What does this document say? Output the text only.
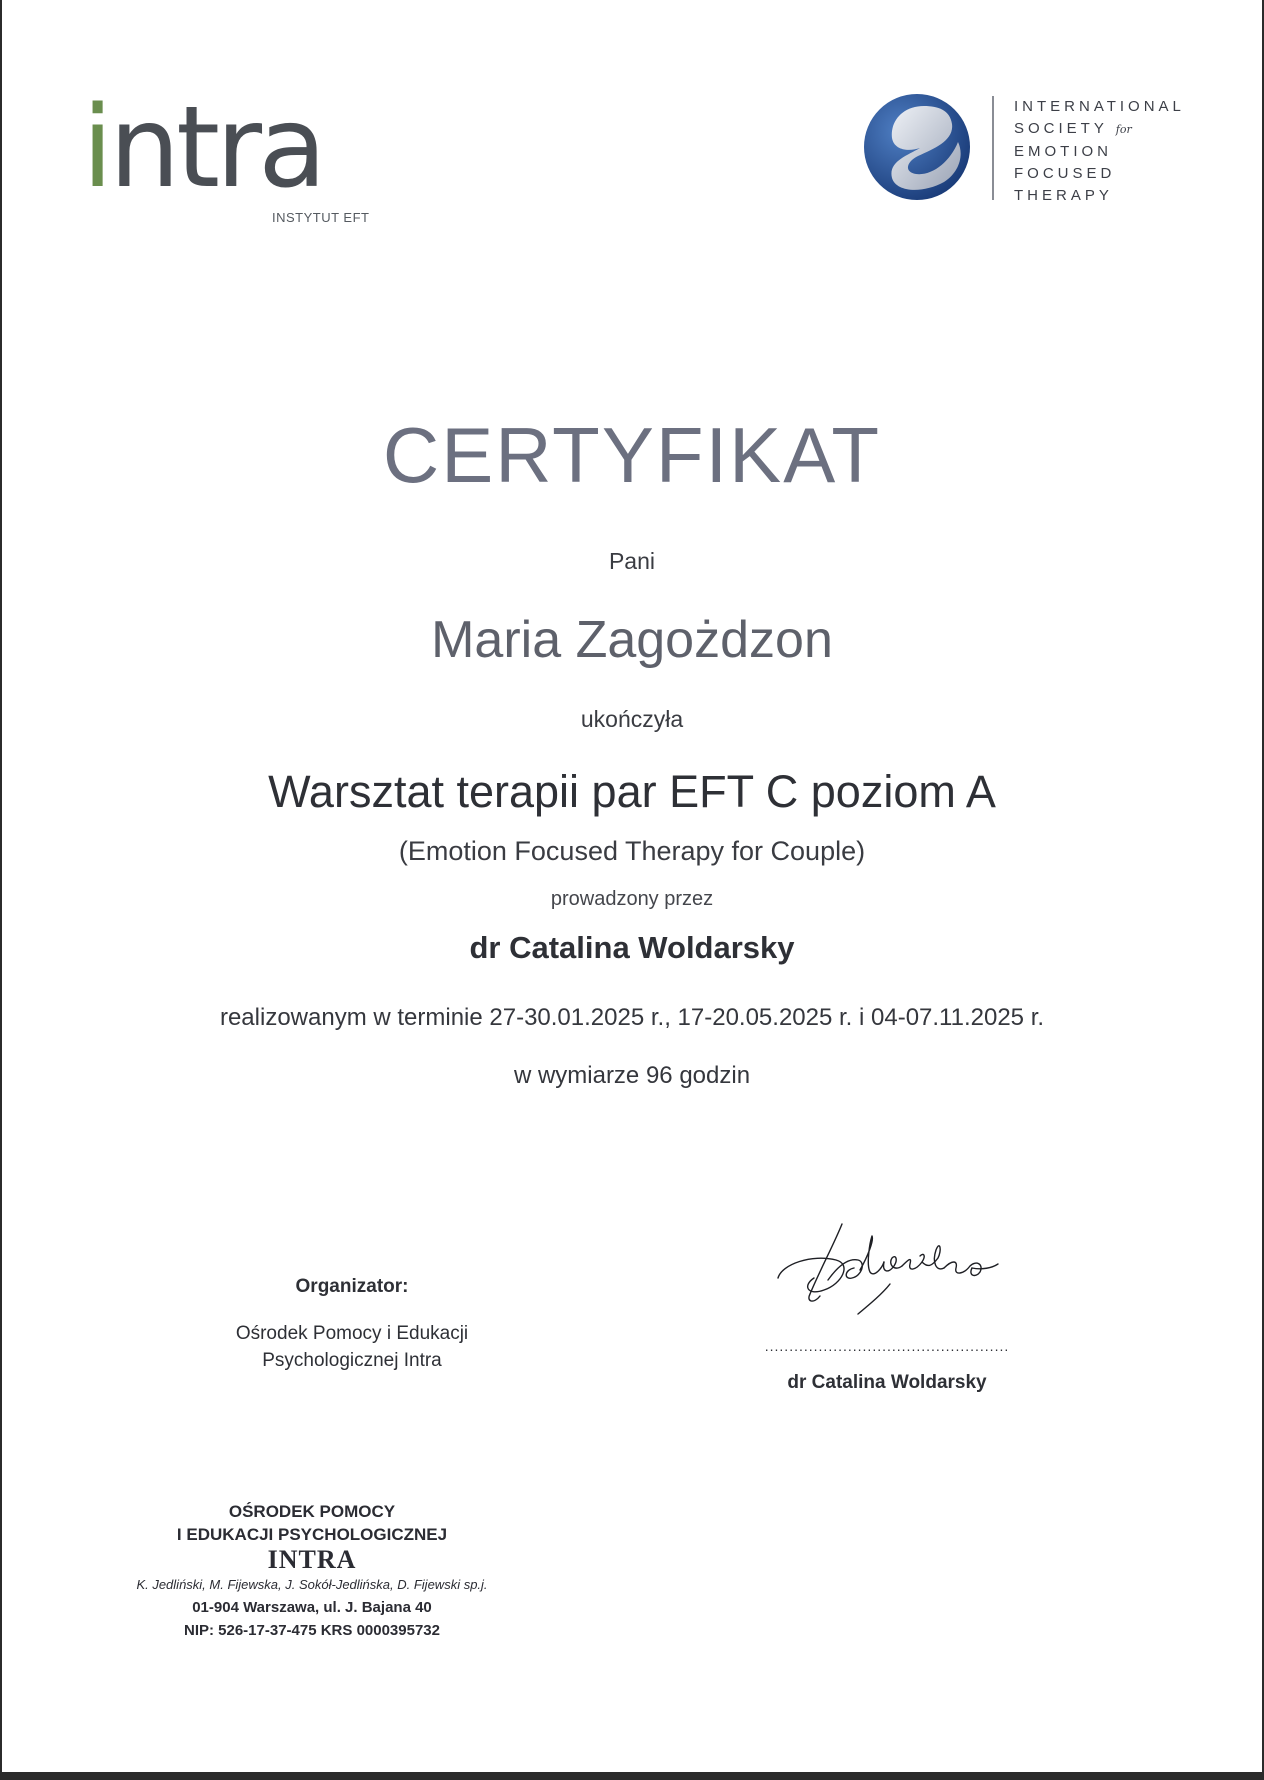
intra
INSTYTUT EFT
INTERNATIONAL
SOCIETY for
EMOTION
FOCUSED
THERAPY
CERTYFIKAT
Pani
Maria Zagożdzon
ukończyła
Warsztat terapii par EFT C poziom A
(Emotion Focused Therapy for Couple)
prowadzony przez
dr Catalina Woldarsky
realizowanym w terminie 27-30.01.2025 r., 17-20.05.2025 r. i 04-07.11.2025 r.
w wymiarze 96 godzin
Organizator:
Ośrodek Pomocy i Edukacji
Psychologicznej Intra
..................................................
dr Catalina Woldarsky
OŚRODEK POMOCY
I EDUKACJI PSYCHOLOGICZNEJ
INTRA
K. Jedliński, M. Fijewska, J. Sokół-Jedlińska, D. Fijewski sp.j.
01-904 Warszawa, ul. J. Bajana 40
NIP: 526-17-37-475 KRS 0000395732
